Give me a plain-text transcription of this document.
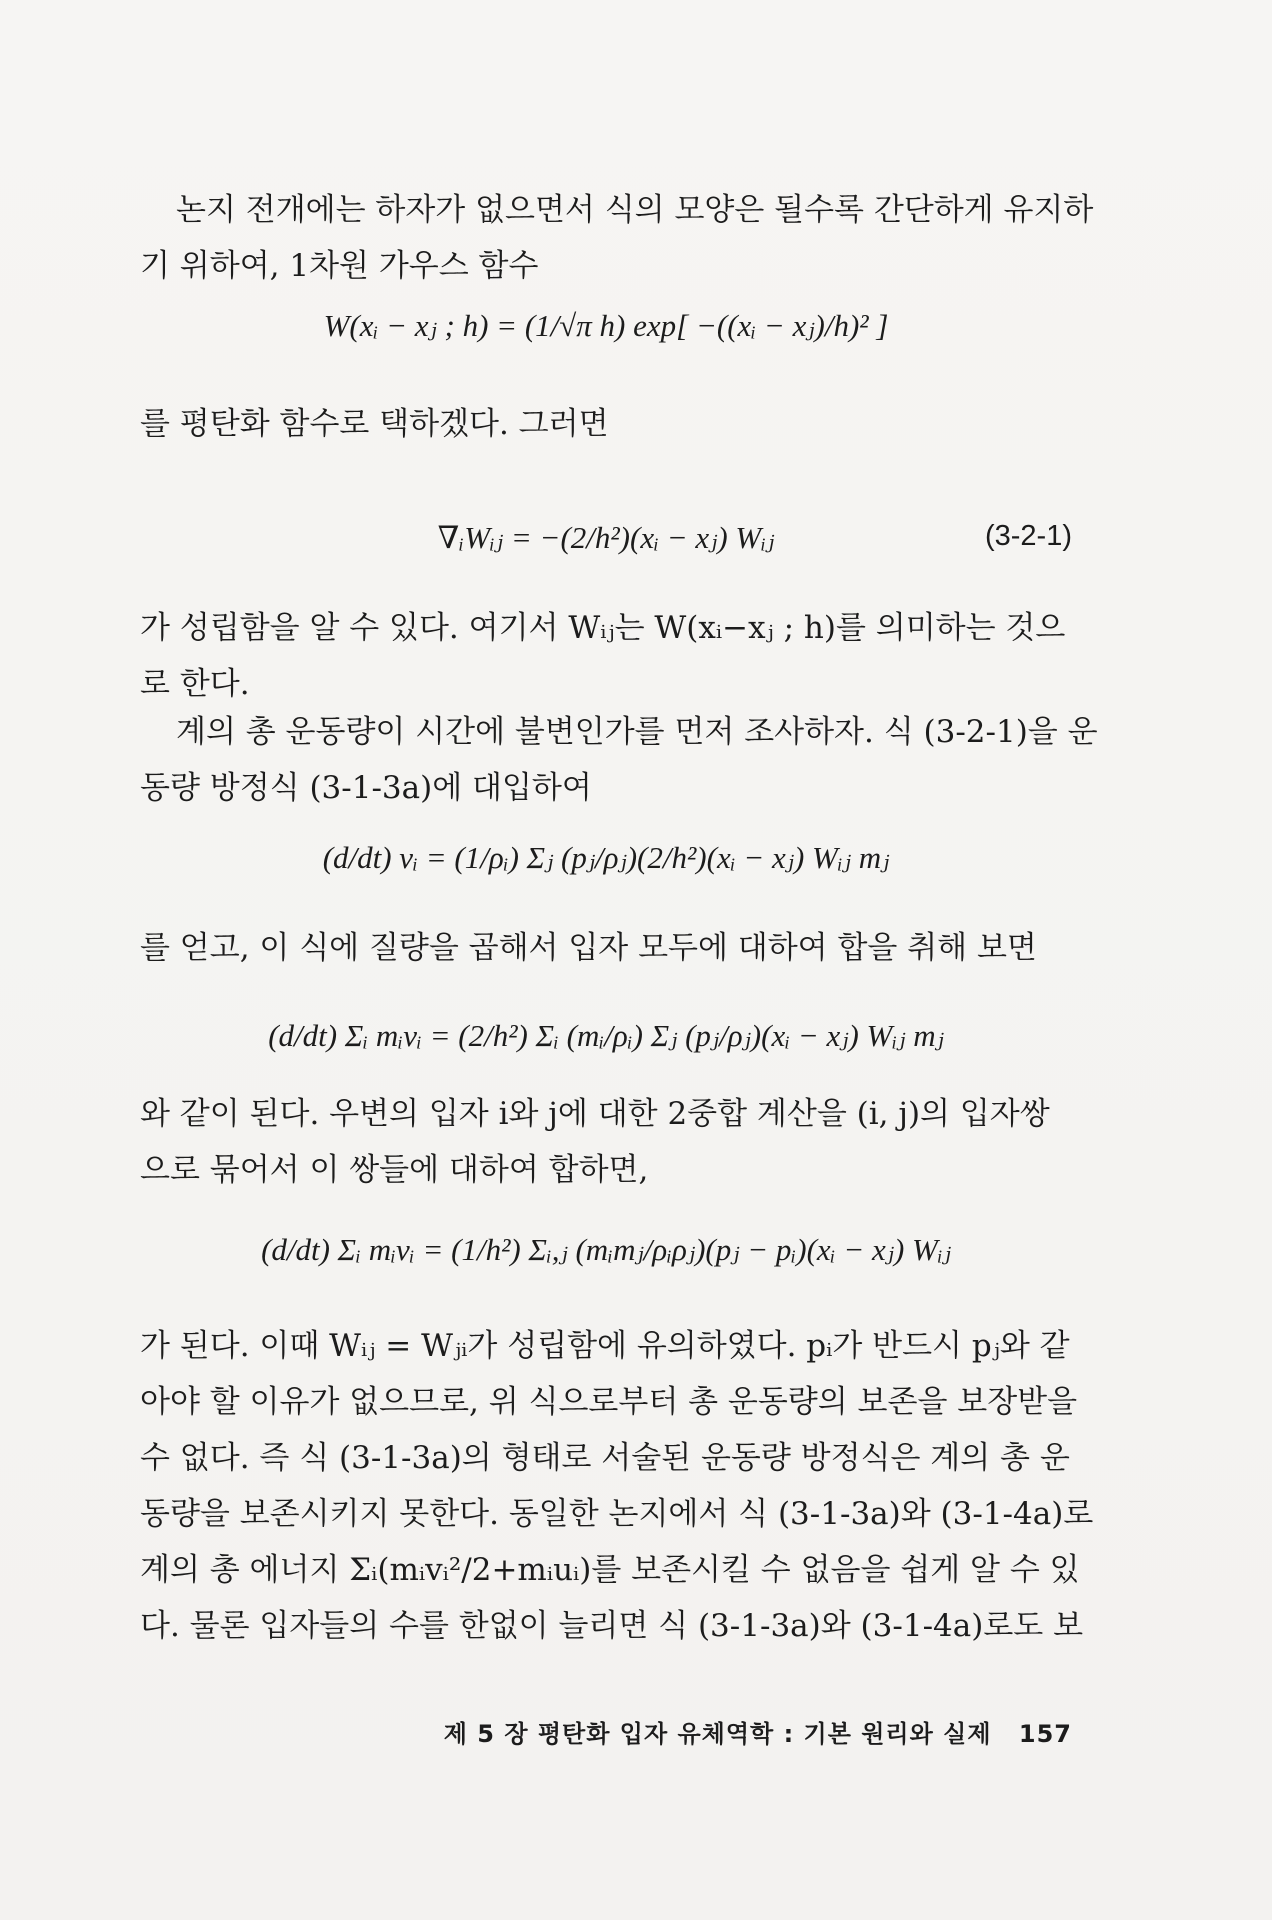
논지 전개에는 하자가 없으면서 식의 모양은 될수록 간단하게 유지하
기 위하여, 1차원 가우스 함수

W(xᵢ − xⱼ ; h) = (1/√π h) exp[ −((xᵢ − xⱼ)/h)² ]

를 평탄화 함수로 택하겠다. 그러면

∇ᵢWᵢⱼ = −(2/h²)(xᵢ − xⱼ) Wᵢⱼ	(3-2-1)

가 성립함을 알 수 있다. 여기서 Wᵢⱼ는 W(xᵢ−xⱼ ; h)를 의미하는 것으
로 한다.

계의 총 운동량이 시간에 불변인가를 먼저 조사하자. 식 (3-2-1)을 운
동량 방정식 (3-1-3a)에 대입하여

(d/dt) vᵢ = (1/ρᵢ) Σⱼ (pⱼ/ρⱼ)(2/h²)(xᵢ − xⱼ) Wᵢⱼ mⱼ

를 얻고, 이 식에 질량을 곱해서 입자 모두에 대하여 합을 취해 보면

(d/dt) Σᵢ mᵢvᵢ = (2/h²) Σᵢ (mᵢ/ρᵢ) Σⱼ (pⱼ/ρⱼ)(xᵢ − xⱼ) Wᵢⱼ mⱼ

와 같이 된다. 우변의 입자 i와 j에 대한 2중합 계산을 (i, j)의 입자쌍
으로 묶어서 이 쌍들에 대하여 합하면,

(d/dt) Σᵢ mᵢvᵢ = (1/h²) Σᵢ,ⱼ (mᵢmⱼ/ρᵢρⱼ)(pⱼ − pᵢ)(xᵢ − xⱼ) Wᵢⱼ

가 된다. 이때 Wᵢⱼ = Wⱼᵢ가 성립함에 유의하였다. pᵢ가 반드시 pⱼ와 같
아야 할 이유가 없으므로, 위 식으로부터 총 운동량의 보존을 보장받을
수 없다. 즉 식 (3-1-3a)의 형태로 서술된 운동량 방정식은 계의 총 운
동량을 보존시키지 못한다. 동일한 논지에서 식 (3-1-3a)와 (3-1-4a)로
계의 총 에너지 Σᵢ(mᵢvᵢ²/2+mᵢuᵢ)를 보존시킬 수 없음을 쉽게 알 수 있
다. 물론 입자들의 수를 한없이 늘리면 식 (3-1-3a)와 (3-1-4a)로도 보

제 5 장 평탄화 입자 유체역학 : 기본 원리와 실제 157
